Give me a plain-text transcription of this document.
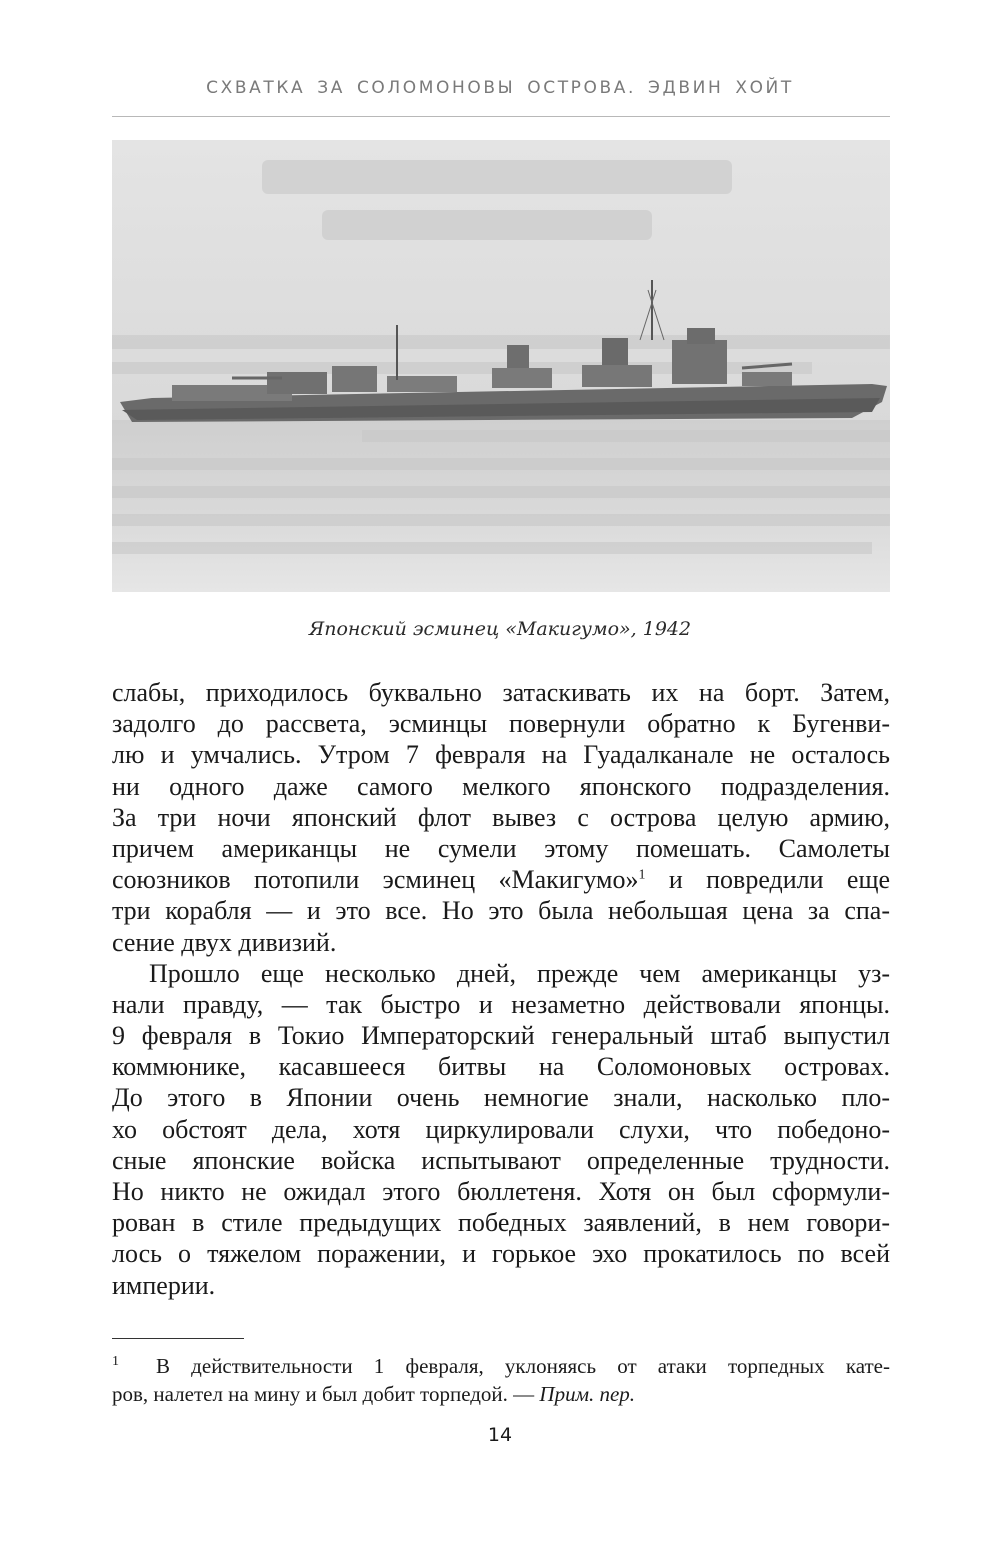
СХВАТКА ЗА СОЛОМОНОВЫ ОСТРОВА. ЭДВИН ХОЙТ
Японский эсминец «Макигумо», 1942
слабы, приходилось буквально затаскивать их на борт. Затем,
задолго до рассвета, эсминцы повернули обратно к Бугенви-
лю и умчались. Утром 7 февраля на Гуадалканале не осталось
ни одного даже самого мелкого японского подразделения.
За три ночи японский флот вывез с острова целую армию,
причем американцы не сумели этому помешать. Самолеты
союзников потопили эсминец «Макигумо»$^1$ и повредили еще
три корабля — и это все. Но это была небольшая цена за спа-
сение двух дивизий.
Прошло еще несколько дней, прежде чем американцы уз-
нали правду, — так быстро и незаметно действовали японцы.
9 февраля в Токио Императорский генеральный штаб выпустил
коммюнике, касавшееся битвы на Соломоновых островах.
До этого в Японии очень немногие знали, насколько пло-
хо обстоят дела, хотя циркулировали слухи, что победоно-
сные японские войска испытывают определенные трудности.
Но никто не ожидал этого бюллетеня. Хотя он был сформули-
рован в стиле предыдущих победных заявлений, в нем говори-
лось о тяжелом поражении, и горькое эхо прокатилось по всей
империи.
1	В действительности 1 февраля, уклоняясь от атаки торпедных кате-
ров, налетел на мину и был добит торпедой. — Прим. пер.
14
